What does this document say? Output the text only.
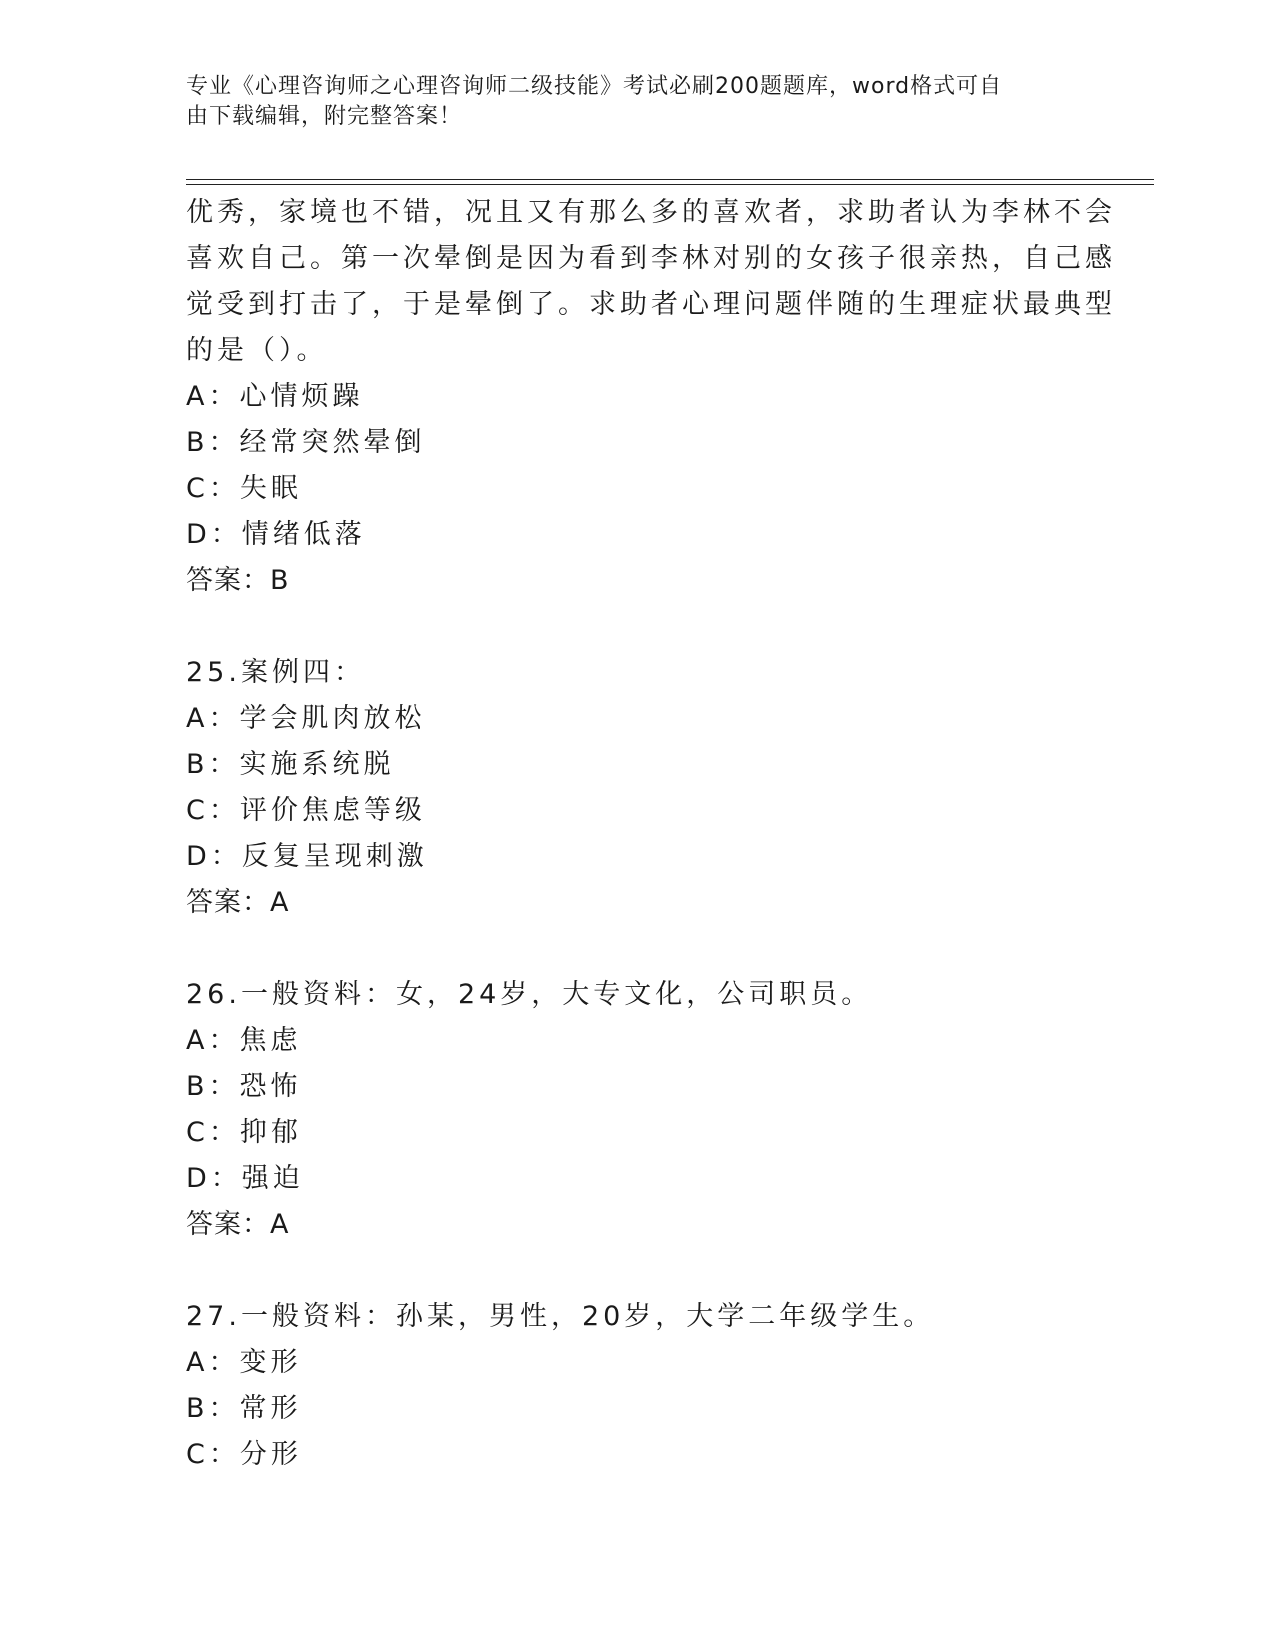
专业《心理咨询师之心理咨询师二级技能》考试必刷200题题库，word格式可自
由下载编辑，附完整答案！
优秀，家境也不错，况且又有那么多的喜欢者，求助者认为李林不会
喜欢自己。第一次晕倒是因为看到李林对别的女孩子很亲热，自己感
觉受到打击了，于是晕倒了。求助者心理问题伴随的生理症状最典型
的是（）。
A：心情烦躁
B：经常突然晕倒
C：失眠
D：情绪低落
答案：B
25.案例四：
A：学会肌肉放松
B：实施系统脱
C：评价焦虑等级
D：反复呈现刺激
答案：A
26.一般资料：女，24岁，大专文化，公司职员。
A：焦虑
B：恐怖
C：抑郁
D：强迫
答案：A
27.一般资料：孙某，男性，20岁，大学二年级学生。
A：变形
B：常形
C：分形
